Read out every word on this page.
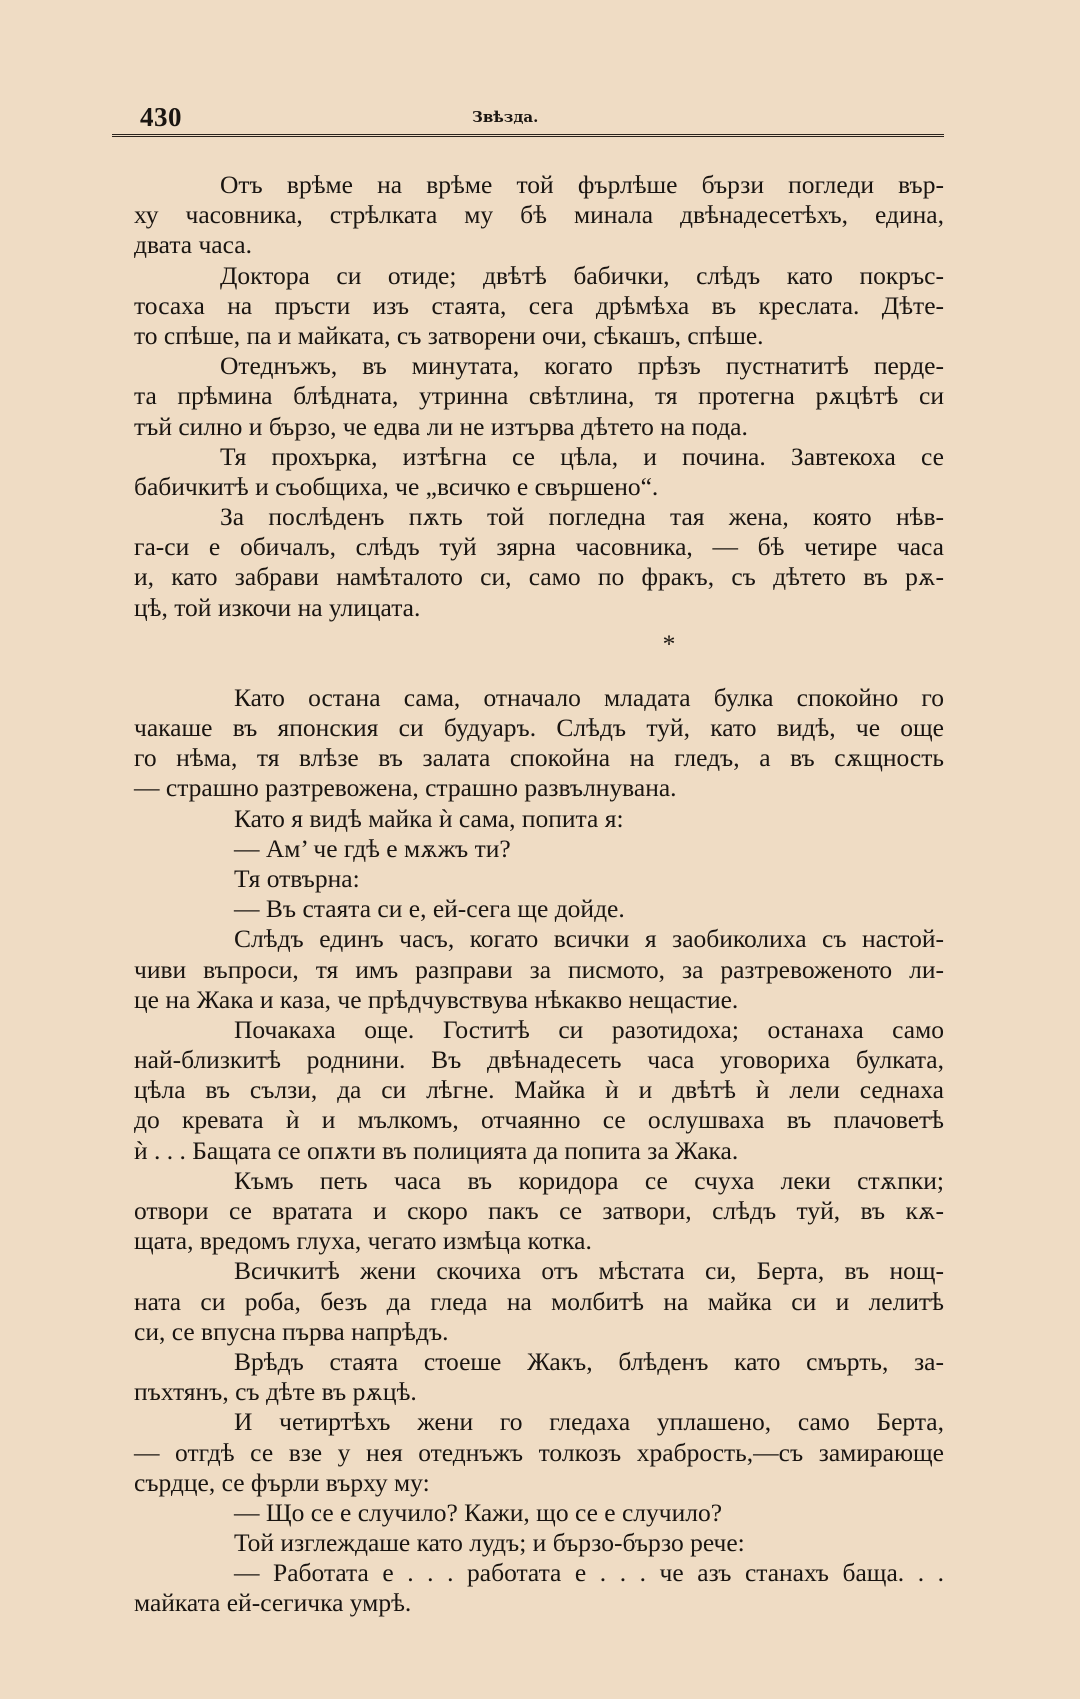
430	Звѣзда.
Отъ врѣме на врѣме той фърлѣше бързи погледи вър-
ху часовника, стрѣлката му бѣ минала двѣнадесетѣхъ, едина,
двата часа.
Доктора си отиде; двѣтѣ бабички, слѣдъ като покръс-
тосаха на пръсти изъ стаята, сега дрѣмѣха въ креслата. Дѣте-
то спѣше, па и майката, съ затворени очи, сѣкашъ, спѣше.
Отеднъжъ, въ минутата, когато прѣзъ пустнатитѣ перде-
та прѣмина блѣдната, утринна свѣтлина, тя протегна рѫцѣтѣ си
тъй силно и бързо, че едва ли не изтърва дѣтето на пода.
Тя прохърка, изтѣгна се цѣла, и почина. Завтекоха се
бабичкитѣ и съобщиха, че „всичко е свършено“.
За послѣденъ пѫть той погледна тая жена, която нѣв-
га-си е обичалъ, слѣдъ туй зярна часовника, — бѣ четире часа
и, като забрави намѣталото си, само по фракъ, съ дѣтето въ рѫ-
цѣ, той изкочи на улицата.
*
Като остана сама, отначало младата булка спокойно го
чакаше въ японския си будуаръ. Слѣдъ туй, като видѣ, че още
го нѣма, тя влѣзе въ залата спокойна на гледъ, а въ сѫщность
— страшно разтревожена, страшно развълнувана.
Като я видѣ майка ѝ сама, попита я:
— Ам’ че гдѣ е мѫжъ ти?
Тя отвърна:
— Въ стаята си е, ей-сега ще дойде.
Слѣдъ единъ часъ, когато всички я заобиколиха съ настой-
чиви въпроси, тя имъ разправи за писмото, за разтревоженото ли-
це на Жака и каза, че прѣдчувствува нѣкакво нещастие.
Почакаха още. Гоститѣ си разотидоха; останаха само
най-близкитѣ роднини. Въ двѣнадесеть часа уговориха булката,
цѣла въ сълзи, да си лѣгне. Майка ѝ и двѣтѣ ѝ лели седнаха
до кревата ѝ и мълкомъ, отчаянно се ослушваха въ плачоветѣ
ѝ . . . Бащата се опѫти въ полицията да попита за Жака.
Къмъ петь часа въ коридора се счуха леки стѫпки;
отвори се вратата и скоро пакъ се затвори, слѣдъ туй, въ кѫ-
щата, вредомъ глуха, чегато измѣца котка.
Всичкитѣ жени скочиха отъ мѣстата си, Берта, въ нощ-
ната си роба, безъ да гледа на молбитѣ на майка си и лелитѣ
си, се впусна първа напрѣдъ.
Врѣдъ стаята стоеше Жакъ, блѣденъ като смърть, за-
пъхтянъ, съ дѣте въ рѫцѣ.
И четиртѣхъ жени го гледаха уплашено, само Берта,
— отгдѣ се взе у нея отеднъжъ толкозъ храбрость,—съ замирающе
сърдце, се фърли върху му:
— Що се е случило? Кажи, що се е случило?
Той изглеждаше като лудъ; и бързо-бързо рече:
— Работата е . . . работата е . . . че азъ станахъ баща. . .
майката ей-сегичка умрѣ.
